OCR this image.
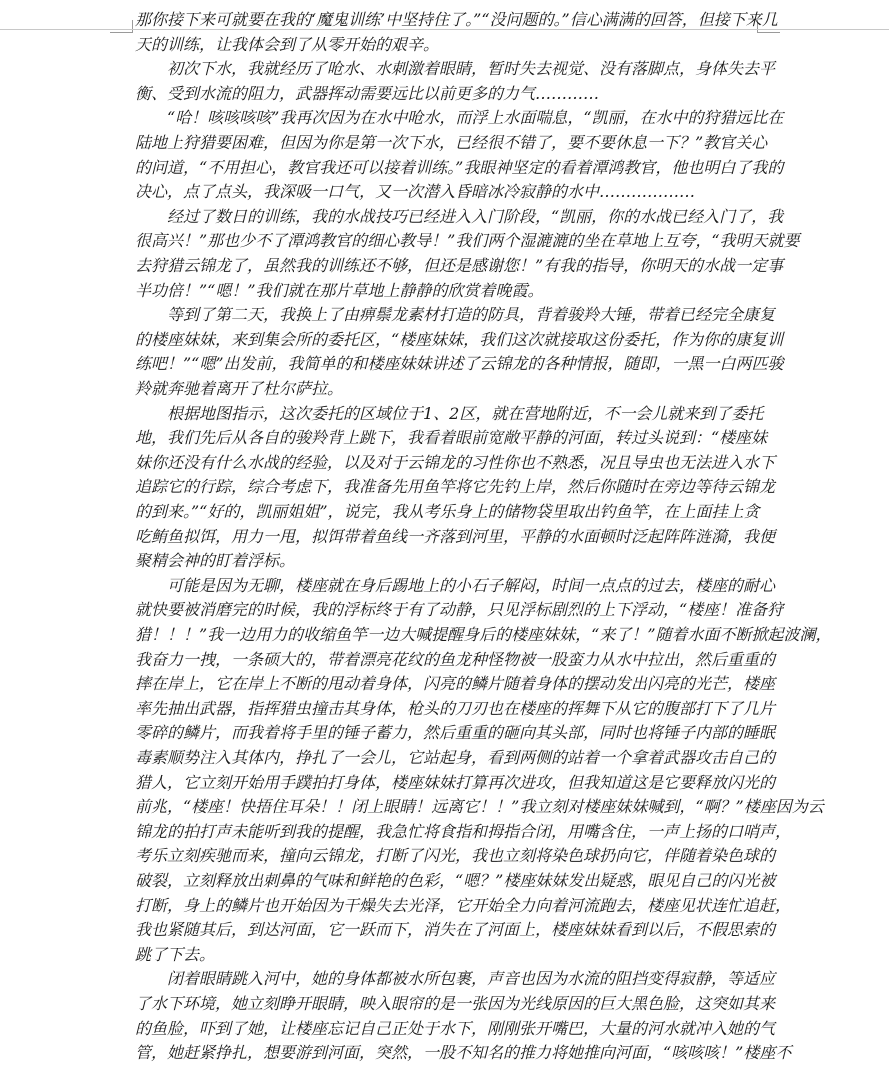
那你接下来可就要在我的‘魔鬼训练’中坚持住了。”“没问题的。”信心满满的回答，但接下来几
天的训练，让我体会到了从零开始的艰辛。
初次下水，我就经历了呛水、水刺激着眼睛，暂时失去视觉、没有落脚点，身体失去平
衡、受到水流的阻力，武器挥动需要远比以前更多的力气…………
“哈！咳咳咳咳”我再次因为在水中呛水，而浮上水面喘息，“凯丽，在水中的狩猎远比在
陆地上狩猎要困难，但因为你是第一次下水，已经很不错了，要不要休息一下？”教官关心
的问道，“不用担心，教官我还可以接着训练。”我眼神坚定的看着潭鸿教官，他也明白了我的
决心，点了点头，我深吸一口气，又一次潜入昏暗冰冷寂静的水中………………
经过了数日的训练，我的水战技巧已经进入入门阶段，“凯丽，你的水战已经入门了，我
很高兴！”那也少不了潭鸿教官的细心教导！”我们两个湿漉漉的坐在草地上互夸，“我明天就要
去狩猎云锦龙了，虽然我的训练还不够，但还是感谢您！”有我的指导，你明天的水战一定事
半功倍！”“嗯！”我们就在那片草地上静静的欣赏着晚霞。
等到了第二天，我换上了由痹鬃龙素材打造的防具，背着骏羚大锤，带着已经完全康复
的楼座妹妹，来到集会所的委托区，“楼座妹妹，我们这次就接取这份委托，作为你的康复训
练吧！”“嗯”出发前，我简单的和楼座妹妹讲述了云锦龙的各种情报，随即，一黑一白两匹骏
羚就奔驰着离开了杜尔萨拉。
根据地图指示，这次委托的区域位于1、2区，就在营地附近，不一会儿就来到了委托
地，我们先后从各自的骏羚背上跳下，我看着眼前宽敞平静的河面，转过头说到：“楼座妹
妹你还没有什么水战的经验，以及对于云锦龙的习性你也不熟悉，况且导虫也无法进入水下
追踪它的行踪，综合考虑下，我准备先用鱼竿将它先钓上岸，然后你随时在旁边等待云锦龙
的到来。”“好的，凯丽姐姐”，说完，我从考乐身上的储物袋里取出钓鱼竿，在上面挂上贪
吃鲔鱼拟饵，用力一甩，拟饵带着鱼线一齐落到河里，平静的水面顿时泛起阵阵涟漪，我便
聚精会神的盯着浮标。
可能是因为无聊，楼座就在身后踢地上的小石子解闷，时间一点点的过去，楼座的耐心
就快要被消磨完的时候，我的浮标终于有了动静，只见浮标剧烈的上下浮动，“楼座！准备狩
猎！！！”我一边用力的收缩鱼竿一边大喊提醒身后的楼座妹妹，“来了！”随着水面不断掀起波澜，
我奋力一拽，一条硕大的，带着漂亮花纹的鱼龙种怪物被一股蛮力从水中拉出，然后重重的
摔在岸上，它在岸上不断的甩动着身体，闪亮的鳞片随着身体的摆动发出闪亮的光芒，楼座
率先抽出武器，指挥猎虫撞击其身体，枪头的刀刃也在楼座的挥舞下从它的腹部打下了几片
零碎的鳞片，而我着将手里的锤子蓄力，然后重重的砸向其头部，同时也将锤子内部的睡眠
毒素顺势注入其体内，挣扎了一会儿，它站起身，看到两侧的站着一个拿着武器攻击自己的
猎人，它立刻开始用手蹼拍打身体，楼座妹妹打算再次进攻，但我知道这是它要释放闪光的
前兆，“楼座！快捂住耳朵！！闭上眼睛！远离它！！”我立刻对楼座妹妹喊到，“啊？”楼座因为云
锦龙的拍打声未能听到我的提醒，我急忙将食指和拇指合闭，用嘴含住，一声上扬的口哨声，
考乐立刻疾驰而来，撞向云锦龙，打断了闪光，我也立刻将染色球扔向它，伴随着染色球的
破裂，立刻释放出刺鼻的气味和鲜艳的色彩，“嗯？”楼座妹妹发出疑惑，眼见自己的闪光被
打断，身上的鳞片也开始因为干燥失去光泽，它开始全力向着河流跑去，楼座见状连忙追赶，
我也紧随其后，到达河面，它一跃而下，消失在了河面上，楼座妹妹看到以后，不假思索的
跳了下去。
闭着眼睛跳入河中，她的身体都被水所包裹，声音也因为水流的阻挡变得寂静，等适应
了水下环境，她立刻睁开眼睛，映入眼帘的是一张因为光线原因的巨大黑色脸，这突如其来
的鱼脸，吓到了她，让楼座忘记自己正处于水下，刚刚张开嘴巴，大量的河水就冲入她的气
管，她赶紧挣扎，想要游到河面，突然，一股不知名的推力将她推向河面，“咳咳咳！”楼座不
